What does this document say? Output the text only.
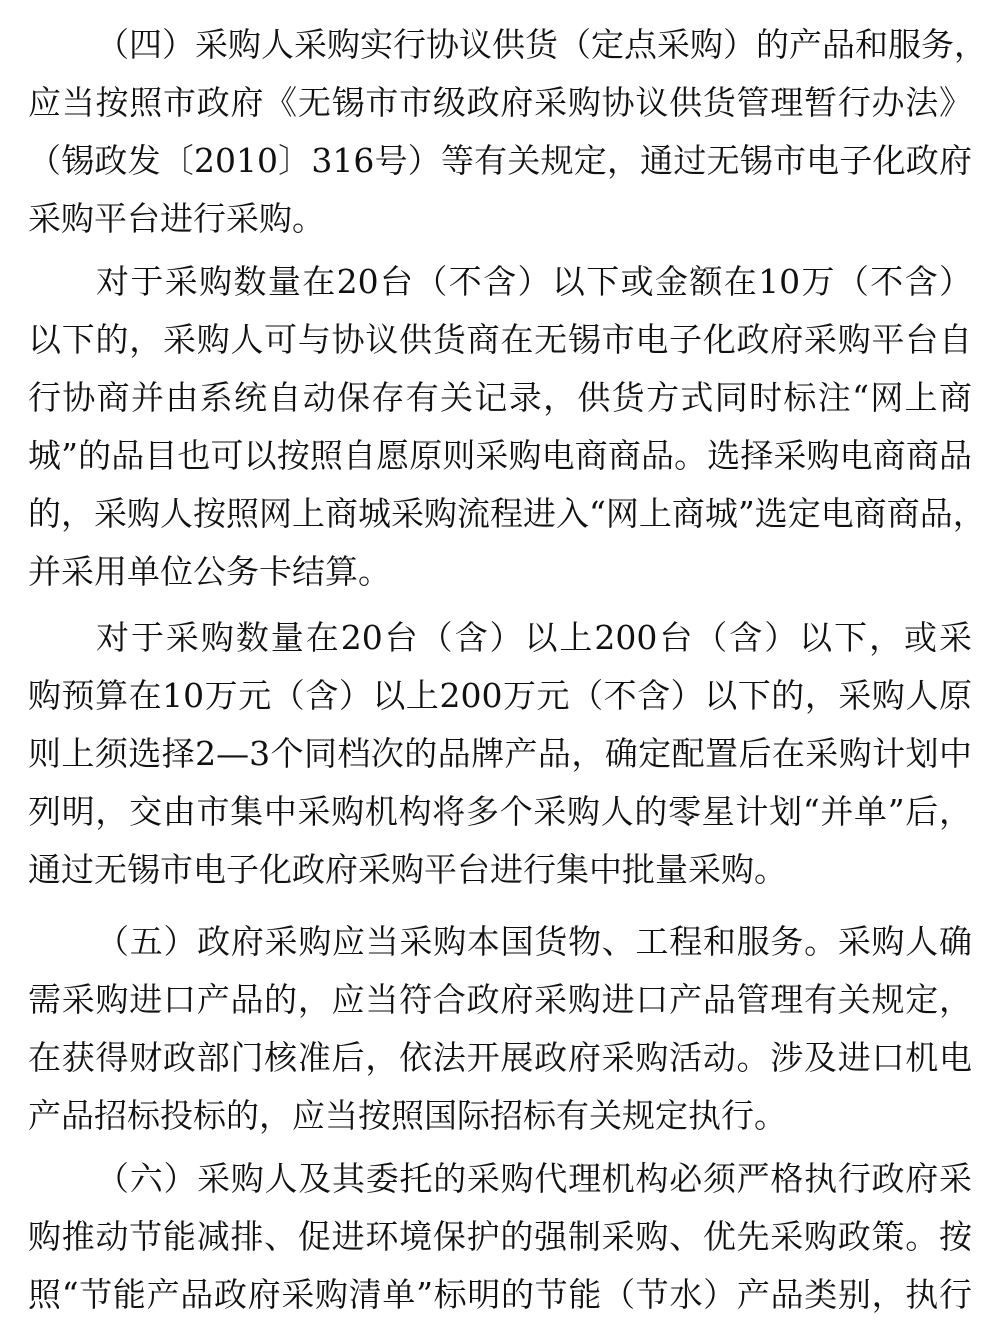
（四）采购人采购实行协议供货（定点采购）的产品和服务，
应当按照市政府《无锡市市级政府采购协议供货管理暂行办法》
（锡政发〔2010〕316号）等有关规定，通过无锡市电子化政府
采购平台进行采购。
对于采购数量在20台（不含）以下或金额在10万（不含）
以下的，采购人可与协议供货商在无锡市电子化政府采购平台自
行协商并由系统自动保存有关记录，供货方式同时标注“网上商
城”的品目也可以按照自愿原则采购电商商品。选择采购电商商品
的，采购人按照网上商城采购流程进入“网上商城”选定电商商品，
并采用单位公务卡结算。
对于采购数量在20台（含）以上200台（含）以下，或采
购预算在10万元（含）以上200万元（不含）以下的，采购人原
则上须选择2—3个同档次的品牌产品，确定配置后在采购计划中
列明，交由市集中采购机构将多个采购人的零星计划“并单”后，
通过无锡市电子化政府采购平台进行集中批量采购。
（五）政府采购应当采购本国货物、工程和服务。采购人确
需采购进口产品的，应当符合政府采购进口产品管理有关规定，
在获得财政部门核准后，依法开展政府采购活动。涉及进口机电
产品招标投标的，应当按照国际招标有关规定执行。
（六）采购人及其委托的采购代理机构必须严格执行政府采
购推动节能减排、促进环境保护的强制采购、优先采购政策。按
照“节能产品政府采购清单”标明的节能（节水）产品类别，执行
